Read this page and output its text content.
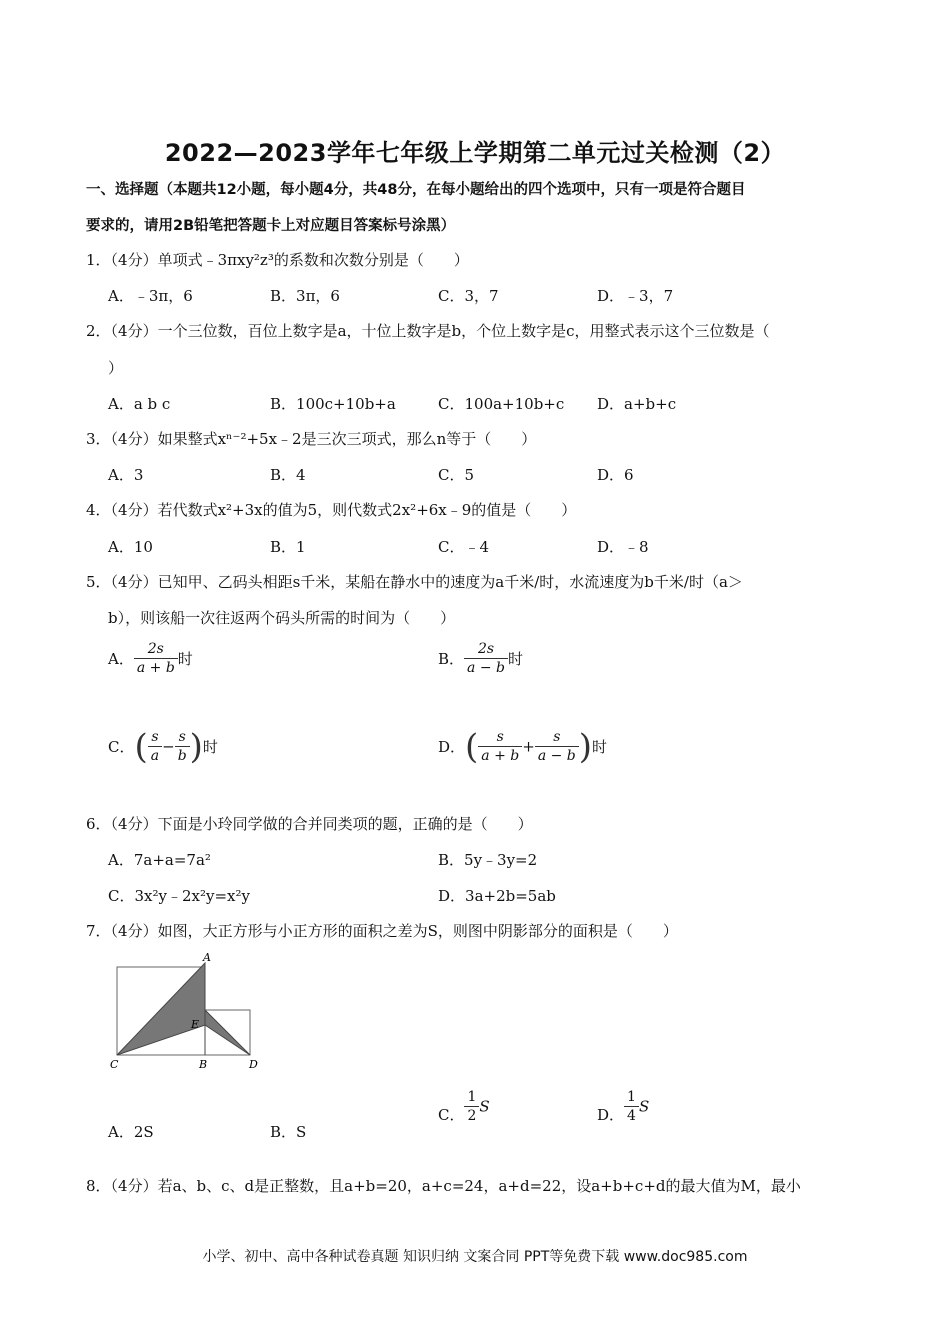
2022—2023学年七年级上学期第二单元过关检测（2）
一、选择题（本题共12小题，每小题4分，共48分，在每小题给出的四个选项中，只有一项是符合题目
要求的，请用2B铅笔把答题卡上对应题目答案标号涂黑）
1．（4分）单项式﹣3πxy²z³的系数和次数分别是（　　）
A．﹣3π，6	B．3π，6	C．3，7	D．﹣3，7
2．（4分）一个三位数，百位上数字是a，十位上数字是b，个位上数字是c，用整式表示这个三位数是（
）
A．a b c	B．100c+10b+a	C．100a+10b+c D．a+b+c
3．（4分）如果整式xⁿ⁻²+5x﹣2是三次三项式，那么n等于（　　）
A．3	B．4	C．5	D．6
4．（4分）若代数式x²+3x的值为5，则代数式2x²+6x﹣9的值是（　　）
A．10	B．1	C．﹣4	D．﹣8
5．（4分）已知甲、乙码头相距s千米，某船在静水中的速度为a千米/时，水流速度为b千米/时（a＞
b），则该船一次往返两个码头所需的时间为（　　）
A． $\frac{2s}{a + b}$ 时	B． $\frac{2s}{a - b}$ 时
C．( $\frac{s}{a} - \frac{s}{b}$ )时	D．( $\frac{s}{a + b} + \frac{s}{a - b}$ )时
6．（4分）下面是小玲同学做的合并同类项的题，正确的是（　　）
A．7a+a=7a²	B．5y﹣3y=2
C．3x²y﹣2x²y=x²y	D．3a+2b=5ab
7．（4分）如图，大正方形与小正方形的面积之差为S，则图中阴影部分的面积是（　　）
A
B
C	D
E
A．2S	B．S
C． $\frac{1}{2}$ S	D． $\frac{1}{4}$ S
8．（4分）若a、b、c、d是正整数，且a+b=20，a+c=24，a+d=22，设a+b+c+d的最大值为M，最小
小学、初中、高中各种试卷真题 知识归纳 文案合同 PPT等免费下载 www.doc985.com
